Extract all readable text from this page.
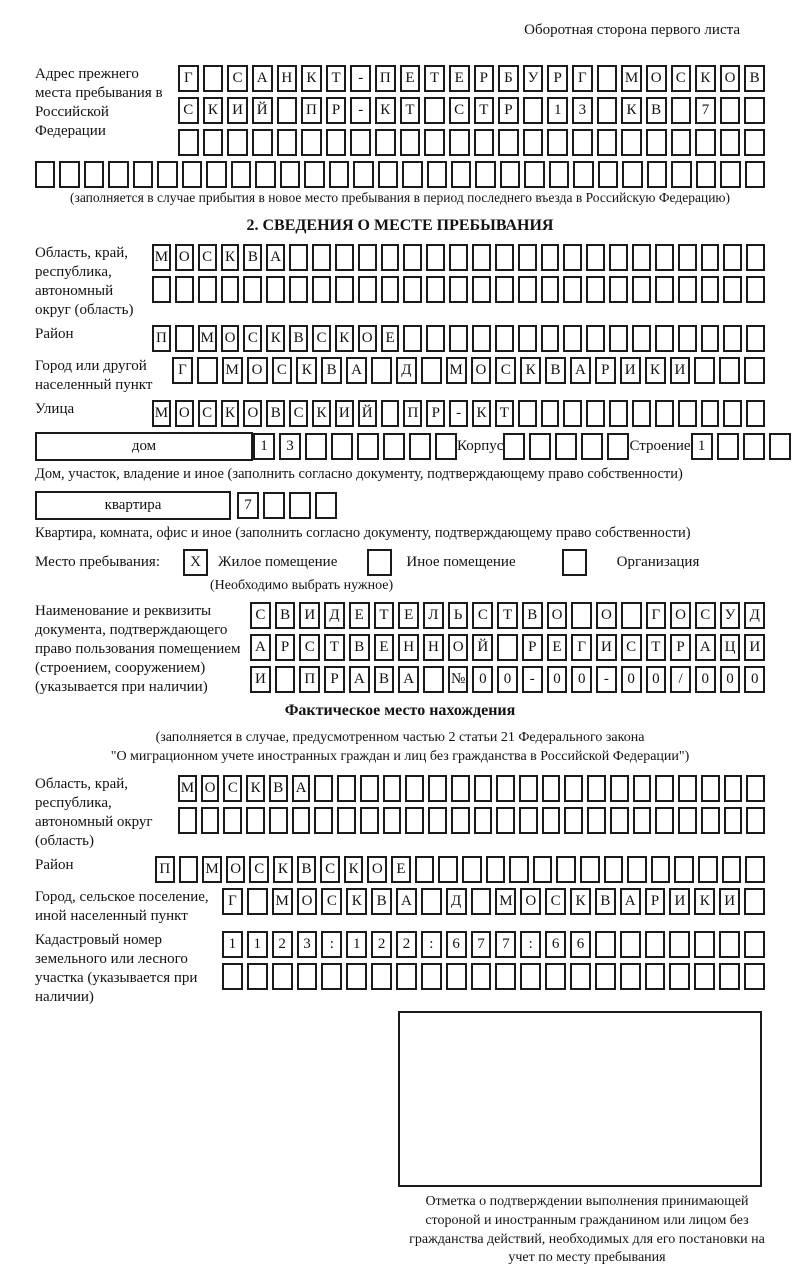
Оборотная сторона первого листа
Адрес прежнего места пребывания в Российской Федерации
Г	С А Н К	Т	-	П Е	Т	Е	Р	Б	У	Р	Г	М О С К О В
С К И Й	П	Р	-	К	Т	С	Т	Р	1	3	К В	7
(заполняется в случае прибытия в новое место пребывания в период последнего въезда в Российскую Федерацию)
2. СВЕДЕНИЯ О МЕСТЕ ПРЕБЫВАНИЯ
Область, край, республика, автономный округ (область)
М О С К В А
Район	П М О С К В С К О Е
Город или другой населенный пункт
Г	М О С К В А	Д	М О С К В А	Р	И К И
Улица	М О С К О В С К И Й П Р	-	К Т
дом	1	3	Корпус	Строение 1
Дом, участок, владение и иное (заполнить согласно документу, подтверждающему право собственности)
квартира	7
Квартира, комната, офис и иное (заполнить согласно документу, подтверждающему право собственности)
Место пребывания:	X	Жилое помещение	Иное помещение	Организация
(Необходимо выбрать нужное)
Наименование и реквизиты документа, подтверждающего право пользования помещением (строением, сооружением) (указывается при наличии)
С В И Д	Е	Т	Е	Л	Ь	С	Т	В О	О	Г О С У Д
А	Р	С	Т	В	Е Н Н О Й	Р	Е	Г И С	Т	Р	А Ц И
И	П	Р	А В А	№ 0	0	-	0	0	-	0	0	/	0	0	0
Фактическое место нахождения
(заполняется в случае, предусмотренном частью 2 статьи 21 Федерального закона
"О миграционном учете иностранных граждан и лиц без гражданства в Российской Федерации")
Область, край, республика, автономный округ (область)
М О С К В А
Район	П М О С К В С К О Е
Город, сельское поселение, иной населенный пункт
Г	М О С К В А	Д	М О С К В А	Р	И К И
Кадастровый номер земельного или лесного участка (указывается при наличии)
1	1	2	3	:	1	2	2	:	6	7	7	:	6	6
Отметка о подтверждении выполнения принимающей стороной и иностранным гражданином или лицом без гражданства действий, необходимых для его постановки на учет по месту пребывания
